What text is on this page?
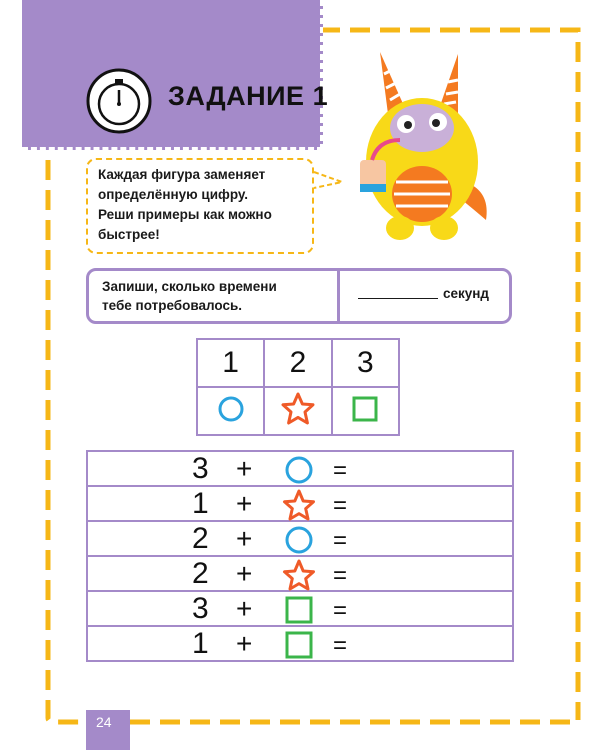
ЗАДАНИЕ 1
Каждая фигура заменяет
определённую цифру.
Реши примеры как можно
быстрее!
Запиши, сколько времени
тебе потребовалось.
секунд
1	2	3

3 +	=

1 +	=

2 +	=

2 +	=

3 +	=

1 +	=
24
